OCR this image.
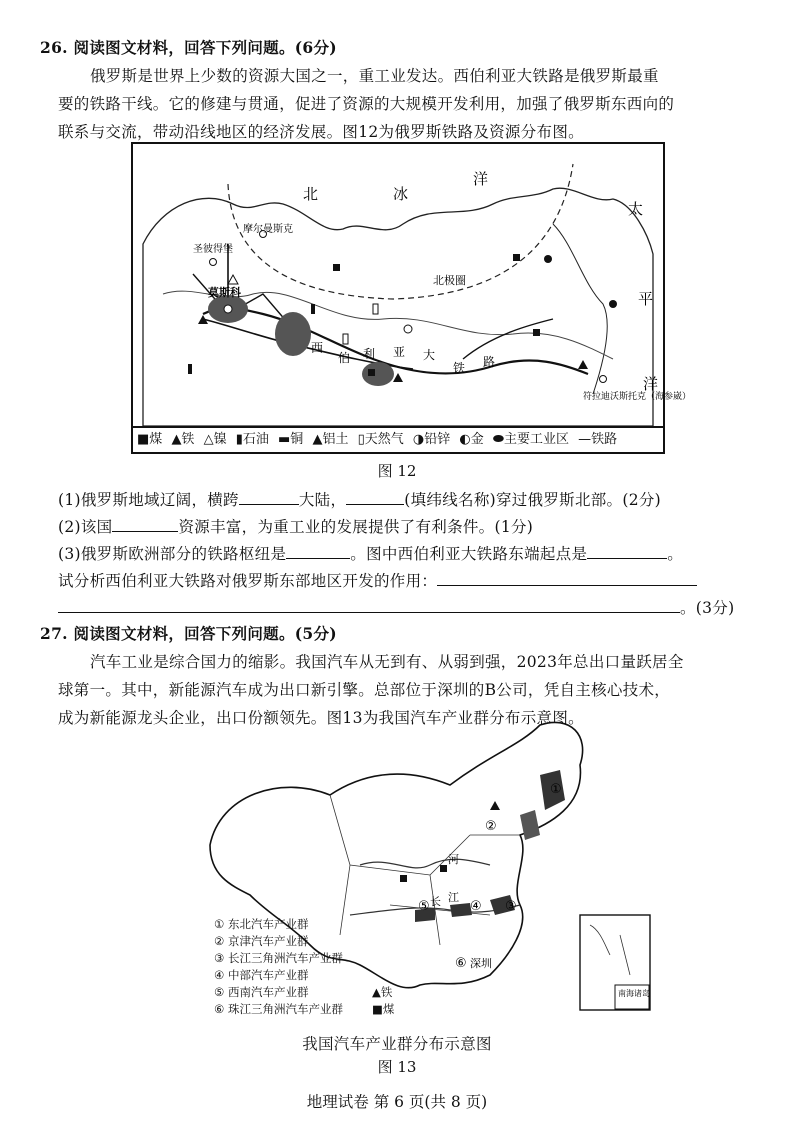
26. 阅读图文材料，回答下列问题。(6分)
俄罗斯是世界上少数的资源大国之一，重工业发达。西伯利亚大铁路是俄罗斯最重
要的铁路干线。它的修建与贯通，促进了资源的大规模开发利用，加强了俄罗斯东西向的
联系与交流，带动沿线地区的经济发展。图12为俄罗斯铁路及资源分布图。
北	冰
洋
太
平
洋
北极圈
摩尔曼斯克
圣彼得堡
莫斯科
符拉迪沃斯托克（海参崴）
西
伯 利 亚 大
铁 路
■煤 ▲铁 △镍 ▮石油 ▬铜 ▲铝土 ▯天然气 ◑铅锌 ◐金 ⬬主要工业区 —铁路
图 12
(1)俄罗斯地域辽阔，横跨	大陆，	(填纬线名称)穿过俄罗斯北部。(2分)
(2)该国	资源丰富，为重工业的发展提供了有利条件。(1分)
(3)俄罗斯欧洲部分的铁路枢纽是	。图中西伯利亚大铁路东端起点是	。
试分析西伯利亚大铁路对俄罗斯东部地区开发的作用：
。(3分)
27. 阅读图文材料，回答下列问题。(5分)
汽车工业是综合国力的缩影。我国汽车从无到有、从弱到强，2023年总出口量跃居全
球第一。其中，新能源汽车成为出口新引擎。总部位于深圳的B公司，凭自主核心技术，
成为新能源龙头企业，出口份额领先。图13为我国汽车产业群分布示意图。
①
②
③
④
⑤
⑥ 深圳
长 江
河
南海诸岛
① 东北汽车产业群
② 京津汽车产业群
③ 长江三角洲汽车产业群
④ 中部汽车产业群
⑤ 西南汽车产业群
⑥ 珠江三角洲汽车产业群
▲铁
■煤
我国汽车产业群分布示意图
图 13
地理试卷 第 6 页(共 8 页)
